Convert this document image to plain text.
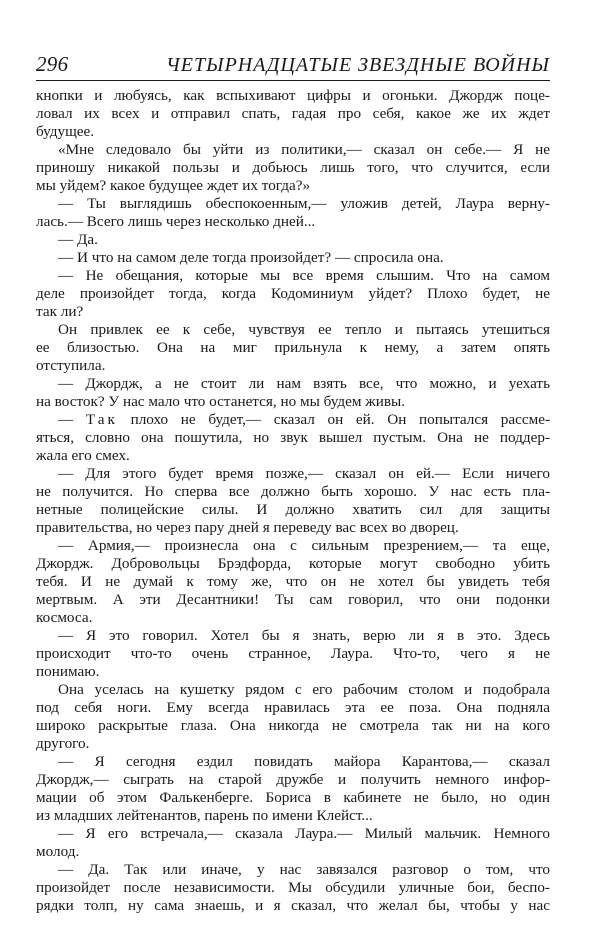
296	ЧЕТЫРНАДЦАТЫЕ ЗВЕЗДНЫЕ ВОЙНЫ
кнопки и любуясь, как вспыхивают цифры и огоньки. Джордж поце-
ловал их всех и отправил спать, гадая про себя, какое же их ждет
будущее.
«Мне следовало бы уйти из политики,— сказал он себе.— Я не
приношу никакой пользы и добьюсь лишь того, что случится, если
мы уйдем? какое будущее ждет их тогда?»
— Ты выглядишь обеспокоенным,— уложив детей, Лаура верну-
лась.— Всего лишь через несколько дней...
— Да.
— И что на самом деле тогда произойдет? — спросила она.
— Не обещания, которые мы все время слышим. Что на самом
деле произойдет тогда, когда Кодоминиум уйдет? Плохо будет, не
так ли?
Он привлек ее к себе, чувствуя ее тепло и пытаясь утешиться
ее близостью. Она на миг прильнула к нему, а затем опять
отступила.
— Джордж, а не стоит ли нам взять все, что можно, и уехать
на восток? У нас мало что останется, но мы будем живы.
— Так плохо не будет,— сказал он ей. Он попытался рассме-
яться, словно она пошутила, но звук вышел пустым. Она не поддер-
жала его смех.
— Для этого будет время позже,— сказал он ей.— Если ничего
не получится. Но сперва все должно быть хорошо. У нас есть пла-
нетные полицейские силы. И должно хватить сил для защиты
правительства, но через пару дней я переведу вас всех во дворец.
— Армия,— произнесла она с сильным презрением,— та еще,
Джордж. Добровольцы Брэдфорда, которые могут свободно убить
тебя. И не думай к тому же, что он не хотел бы увидеть тебя
мертвым. А эти Десантники! Ты сам говорил, что они подонки
космоса.
— Я это говорил. Хотел бы я знать, верю ли я в это. Здесь
происходит что-то очень странное, Лаура. Что-то, чего я не
понимаю.
Она уселась на кушетку рядом с его рабочим столом и подобрала
под себя ноги. Ему всегда нравилась эта ее поза. Она подняла
широко раскрытые глаза. Она никогда не смотрела так ни на кого
другого.
— Я сегодня ездил повидать майора Карантова,— сказал
Джордж,— сыграть на старой дружбе и получить немного инфор-
мации об этом Фалькенберге. Бориса в кабинете не было, но один
из младших лейтенантов, парень по имени Клейст...
— Я его встречала,— сказала Лаура.— Милый мальчик. Немного
молод.
— Да. Так или иначе, у нас завязался разговор о том, что
произойдет после независимости. Мы обсудили уличные бои, беспо-
рядки толп, ну сама знаешь, и я сказал, что желал бы, чтобы у нас
